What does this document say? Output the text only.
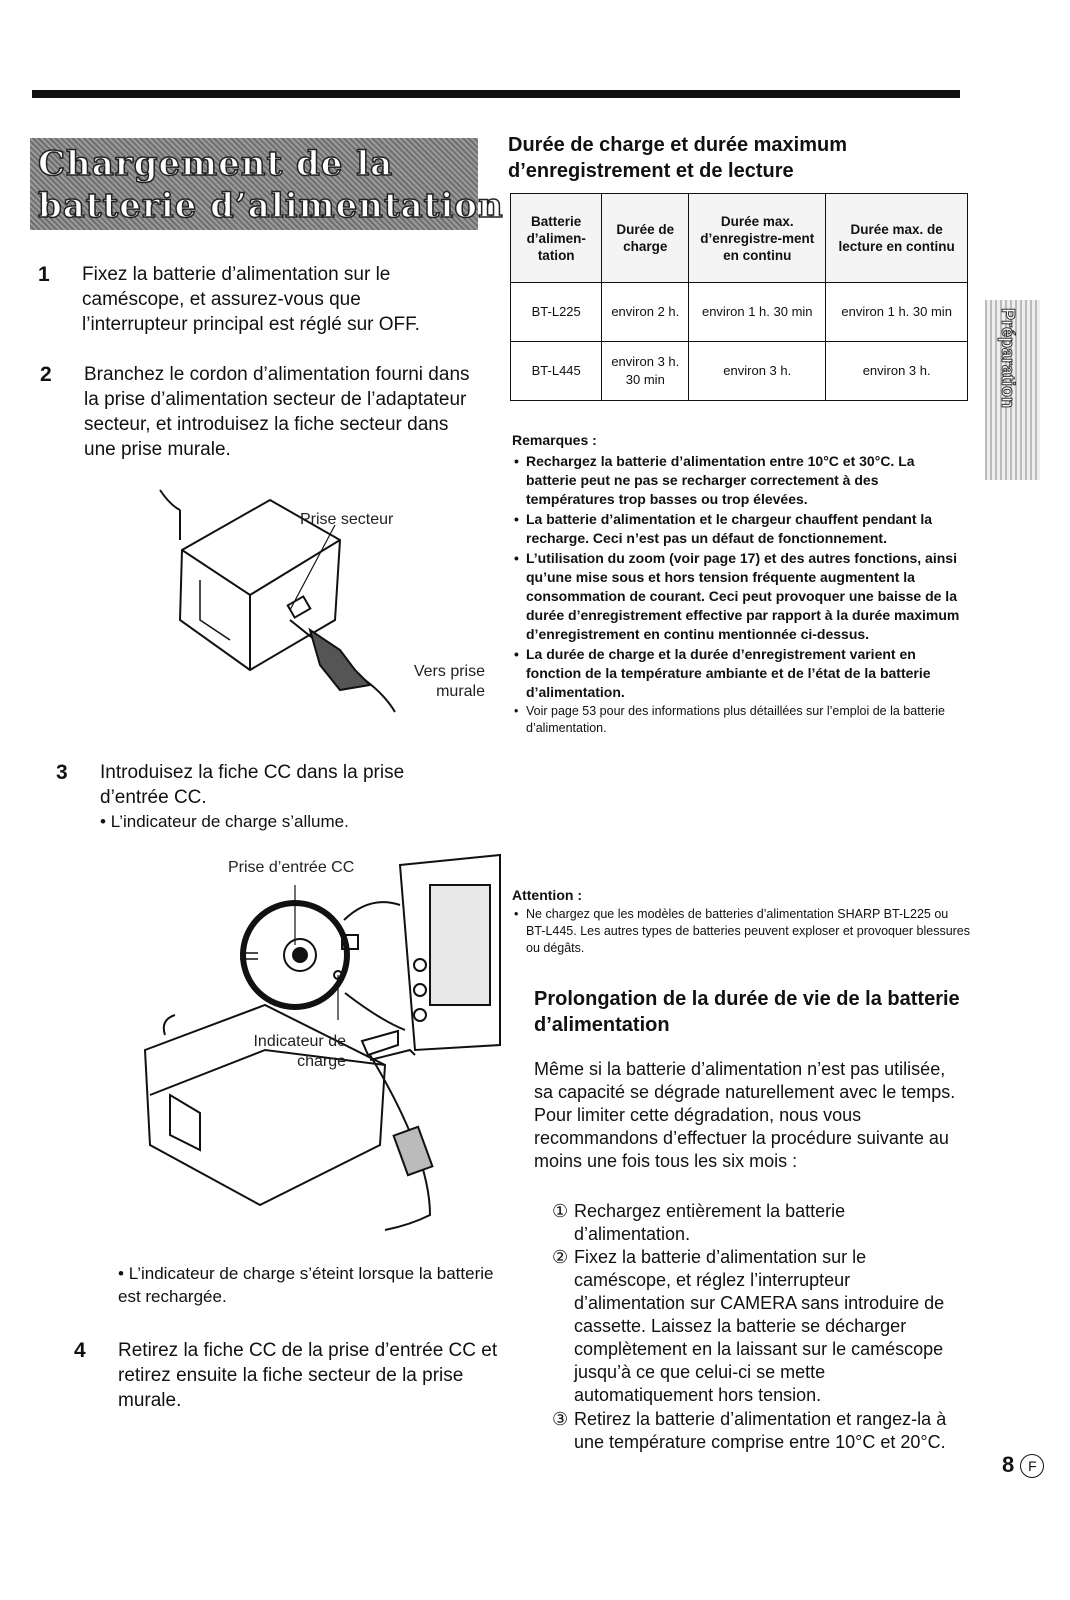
Chargement de la
batterie d’alimentation
1 Fixez la batterie d’alimentation sur le caméscope, et assurez-vous que l’interrupteur principal est réglé sur OFF.
2 Branchez le cordon d’alimentation fourni dans la prise d’alimentation secteur de l’adaptateur secteur, et introduisez la fiche secteur dans une prise murale.
Prise secteur
Vers prise murale
3 Introduisez la fiche CC dans la prise d’entrée CC.
• L’indicateur de charge s’allume.
Prise d’entrée CC
Indicateur de charge
• L’indicateur de charge s’éteint lorsque la batterie est rechargée.
4 Retirez la fiche CC de la prise d’entrée CC et retirez ensuite la fiche secteur de la prise murale.
Durée de charge et durée maximum d’enregistrement et de lecture
Batterie d’alimen-tation	Durée de charge	Durée max. d’enregistre-ment en continu	Durée max. de lecture en continu
BT-L225	environ 2 h.	environ 1 h. 30 min	environ 1 h. 30 min
BT-L445	environ 3 h. 30 min	environ 3 h.	environ 3 h.
Remarques :
• Rechargez la batterie d’alimentation entre 10°C et 30°C. La batterie peut ne pas se recharger correctement à des températures trop basses ou trop élevées.
• La batterie d’alimentation et le chargeur chauffent pendant la recharge. Ceci n’est pas un défaut de fonctionnement.
• L’utilisation du zoom (voir page 17) et des autres fonctions, ainsi qu’une mise sous et hors tension fréquente augmentent la consommation de courant. Ceci peut provoquer une baisse de la durée d’enregistrement effective par rapport à la durée maximum d’enregistrement en continu mentionnée ci-dessus.
• La durée de charge et la durée d’enregistrement varient en fonction de la température ambiante et de l’état de la batterie d’alimentation.
• Voir page 53 pour des informations plus détaillées sur l’emploi de la batterie d’alimentation.
Attention :
• Ne chargez que les modèles de batteries d’alimentation SHARP BT-L225 ou BT-L445. Les autres types de batteries peuvent exploser et provoquer blessures ou dégâts.
Prolongation de la durée de vie de la batterie d’alimentation
Même si la batterie d’alimentation n’est pas utilisée, sa capacité se dégrade naturellement avec le temps. Pour limiter cette dégradation, nous vous recommandons d’effectuer la procédure suivante au moins une fois tous les six mois :
① Rechargez entièrement la batterie d’alimentation.
② Fixez la batterie d’alimentation sur le caméscope, et réglez l’interrupteur d’alimentation sur CAMERA sans introduire de cassette. Laissez la batterie se décharger complètement en la laissant sur le caméscope jusqu’à ce que celui-ci se mette automatiquement hors tension.
③ Retirez la batterie d’alimentation et rangez-la à une température comprise entre 10°C et 20°C.
Préparation
8 F
